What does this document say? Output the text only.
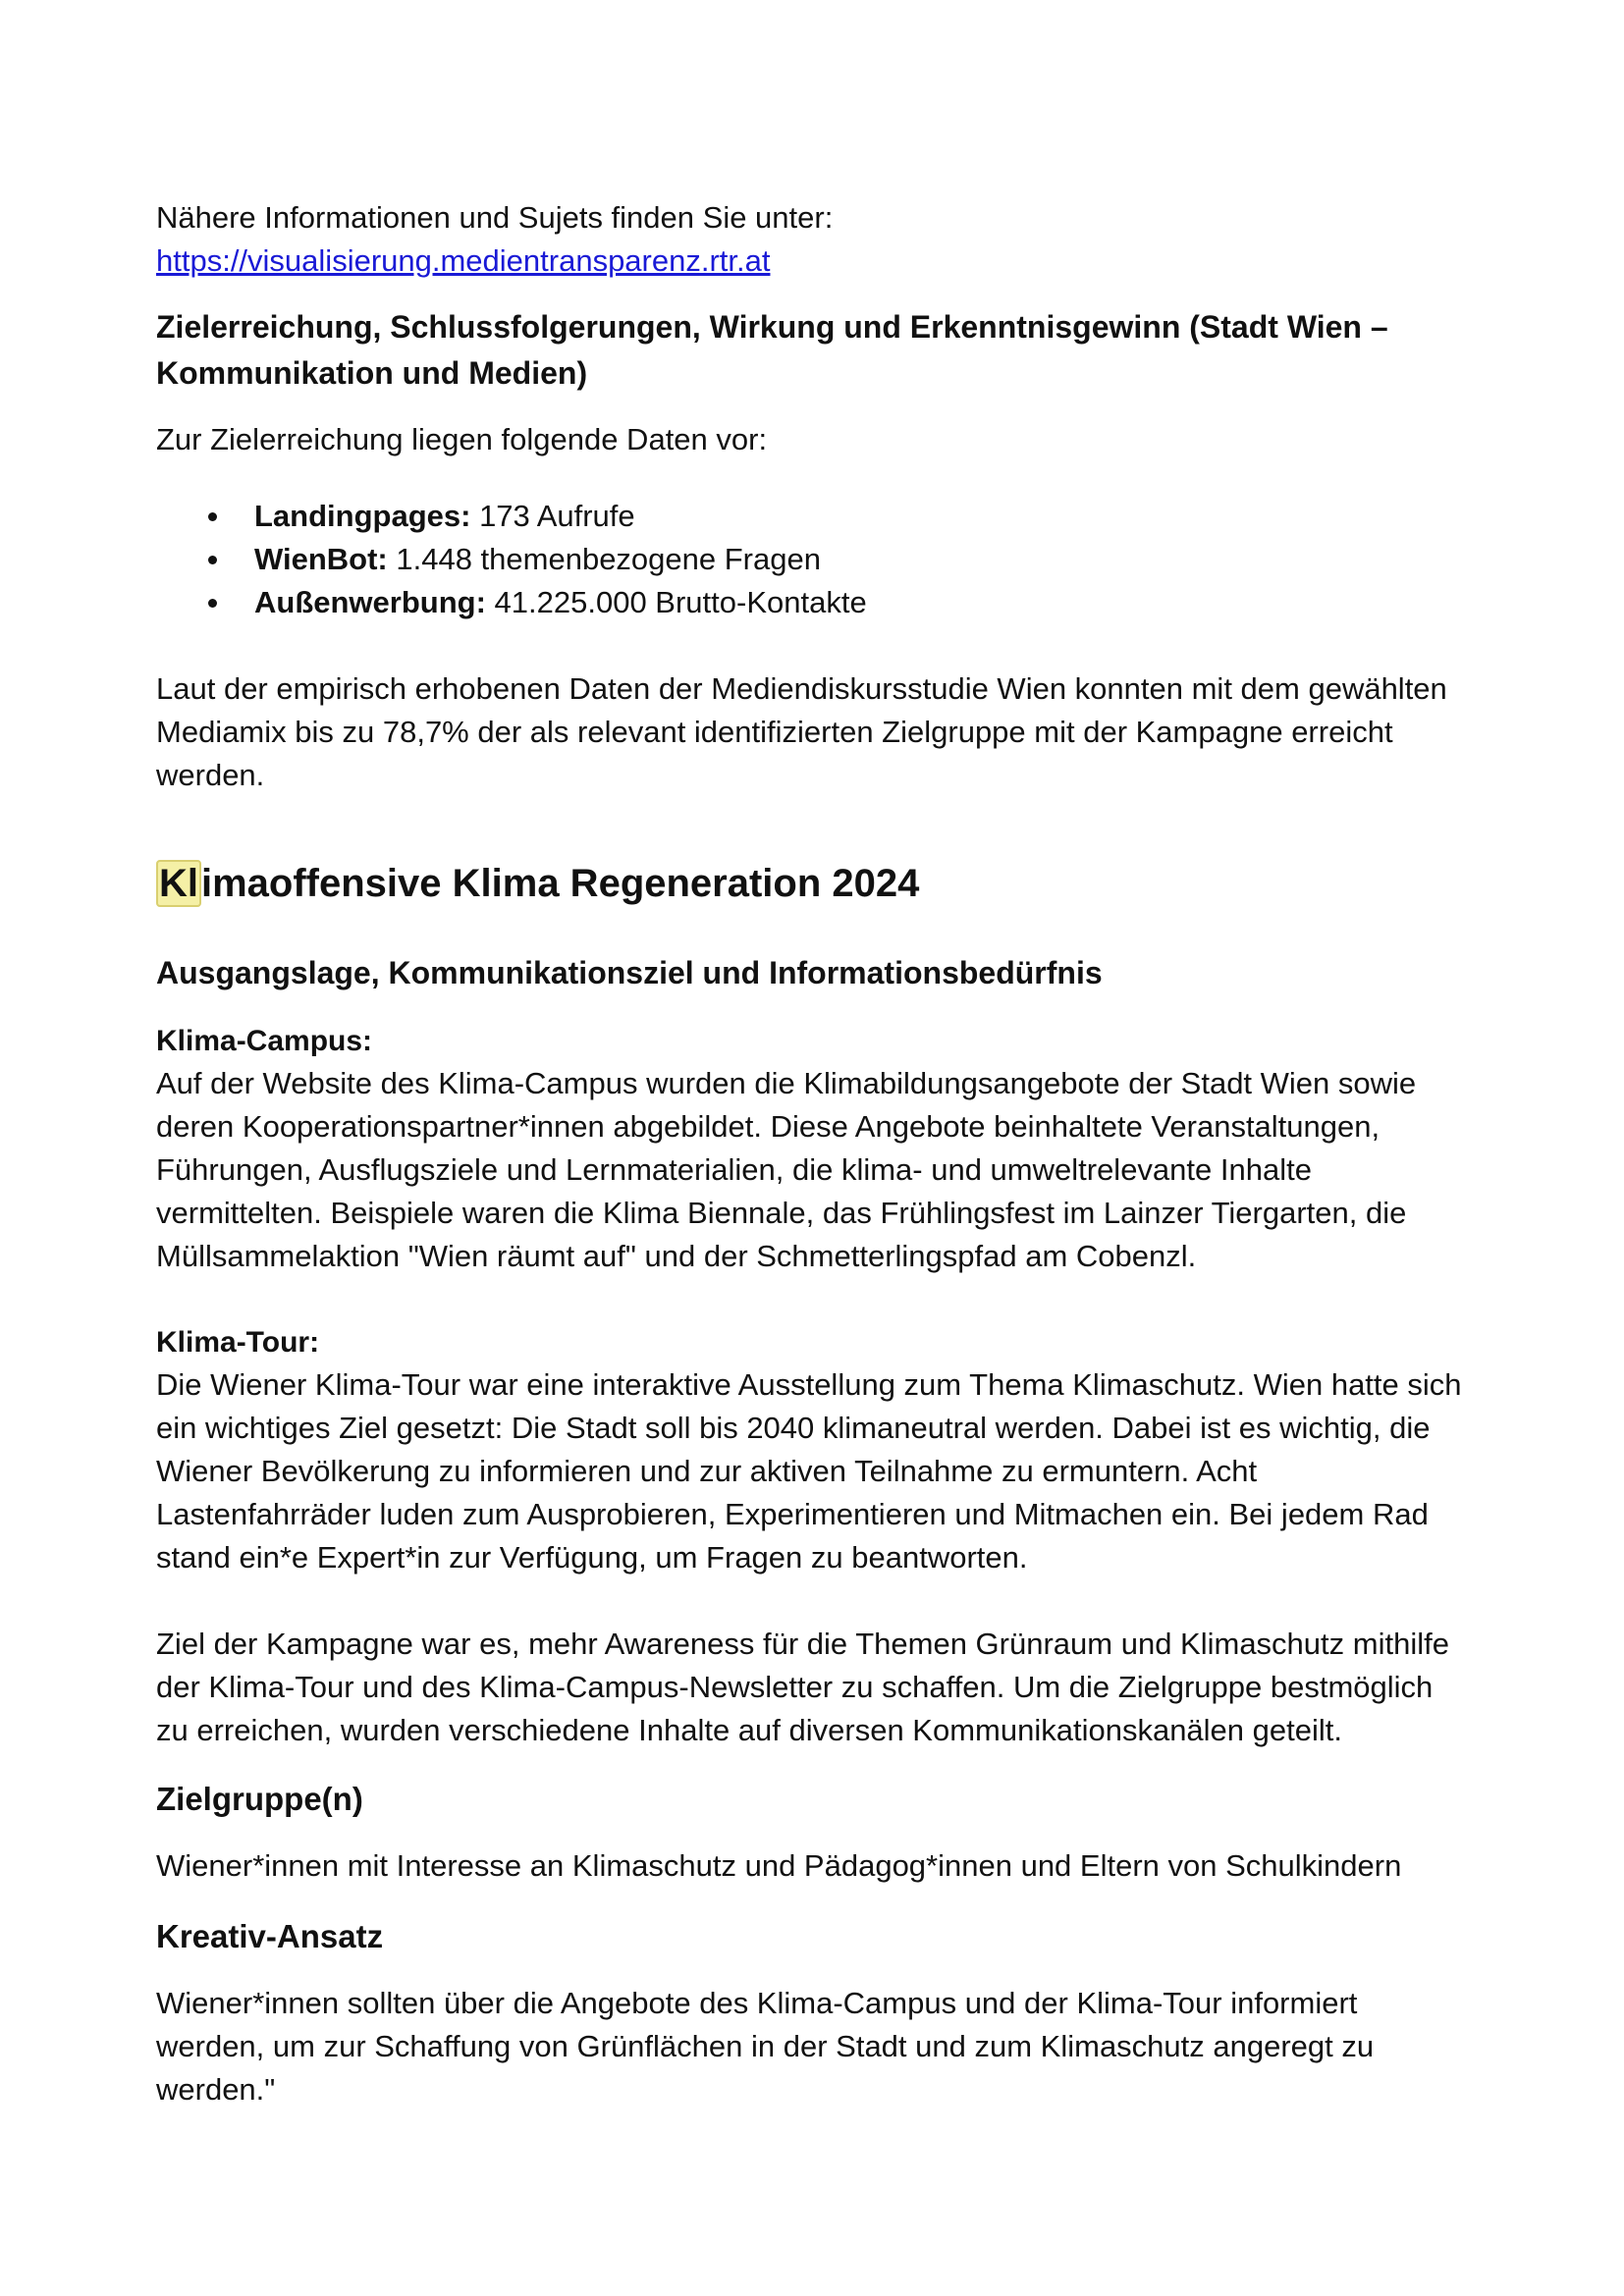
Nähere Informationen und Sujets finden Sie unter:

https://visualisierung.medientransparenz.rtr.at

Zielerreichung, Schlussfolgerungen, Wirkung und Erkenntnisgewinn (Stadt Wien – Kommunikation und Medien)

Zur Zielerreichung liegen folgende Daten vor:

Landingpages: 173 Aufrufe
WienBot: 1.448 themenbezogene Fragen
Außenwerbung: 41.225.000 Brutto-Kontakte

Laut der empirisch erhobenen Daten der Mediendiskursstudie Wien konnten mit dem gewählten Mediamix bis zu 78,7% der als relevant identifizierten Zielgruppe mit der Kampagne erreicht werden.

Klimaoffensive Klima Regeneration 2024
Ausgangslage, Kommunikationsziel und Informationsbedürfnis

Klima-Campus:

Auf der Website des Klima-Campus wurden die Klimabildungsangebote der Stadt Wien sowie deren Kooperationspartner*innen abgebildet. Diese Angebote beinhaltete Veranstaltungen, Führungen, Ausflugsziele und Lernmaterialien, die klima- und umweltrelevante Inhalte vermittelten. Beispiele waren die Klima Biennale, das Frühlingsfest im Lainzer Tiergarten, die Müllsammelaktion "Wien räumt auf" und der Schmetterlingspfad am Cobenzl.

Klima-Tour:

Die Wiener Klima-Tour war eine interaktive Ausstellung zum Thema Klimaschutz. Wien hatte sich ein wichtiges Ziel gesetzt: Die Stadt soll bis 2040 klimaneutral werden. Dabei ist es wichtig, die Wiener Bevölkerung zu informieren und zur aktiven Teilnahme zu ermuntern. Acht Lastenfahrräder luden zum Ausprobieren, Experimentieren und Mitmachen ein. Bei jedem Rad stand ein*e Expert*in zur Verfügung, um Fragen zu beantworten.

Ziel der Kampagne war es, mehr Awareness für die Themen Grünraum und Klimaschutz mithilfe der Klima-Tour und des Klima-Campus-Newsletter zu schaffen. Um die Zielgruppe bestmöglich zu erreichen, wurden verschiedene Inhalte auf diversen Kommunikationskanälen geteilt.

Zielgruppe(n)

Wiener*innen mit Interesse an Klimaschutz und Pädagog*innen und Eltern von Schulkindern

Kreativ-Ansatz

Wiener*innen sollten über die Angebote des Klima-Campus und der Klima-Tour informiert werden, um zur Schaffung von Grünflächen in der Stadt und zum Klimaschutz angeregt zu werden."
